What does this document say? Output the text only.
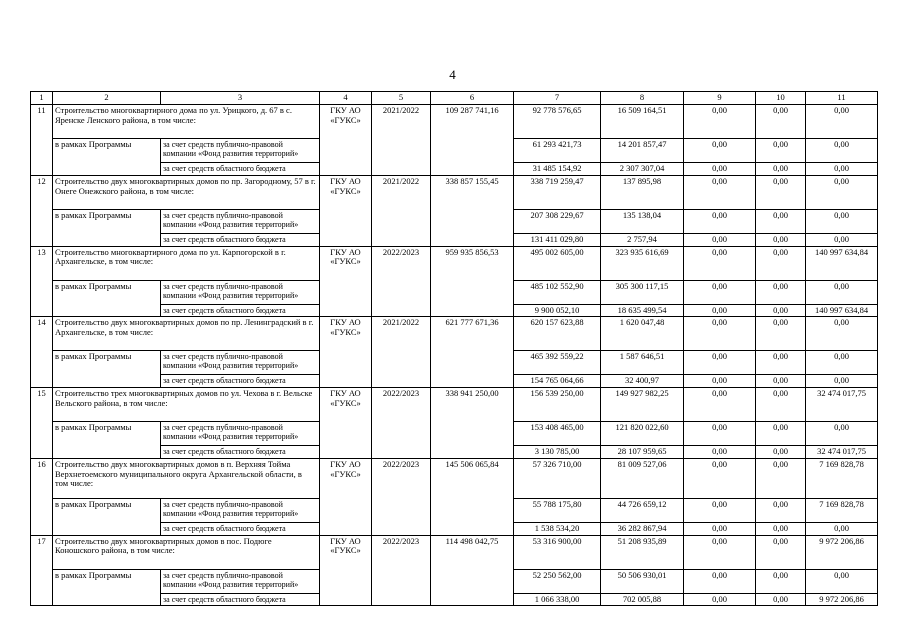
4
1	2	3	4	5	6	7	8	9	10	11
11	Строительство многоквартирного дома по ул. Урицкого, д. 67 в с. Яренске Ленского района, в том числе:		ГКУ АО «ГУКС»	2021/2022	109 287 741,16	92 778 576,65	16 509 164,51	0,00	0,00	0,00
	в рамках Программы	за счет средств публично-правовой компании «Фонд развития территорий»				61 293 421,73	14 201 857,47	0,00	0,00	0,00
		за счет средств областного бюджета				31 485 154,92	2 307 307,04	0,00	0,00	0,00
12	Строительство двух многоквартирных домов по пр. Загородному, 57 в г. Онеге Онежского района, в том числе:		ГКУ АО «ГУКС»	2021/2022	338 857 155,45	338 719 259,47	137 895,98	0,00	0,00	0,00
	в рамках Программы	за счет средств публично-правовой компании «Фонд развития территорий»				207 308 229,67	135 138,04	0,00	0,00	0,00
		за счет средств областного бюджета				131 411 029,80	2 757,94	0,00	0,00	0,00
13	Строительство многоквартирного дома по ул. Карпогорской в г. Архангельске, в том числе:		ГКУ АО «ГУКС»	2022/2023	959 935 856,53	495 002 605,00	323 935 616,69	0,00	0,00	140 997 634,84
	в рамках Программы	за счет средств публично-правовой компании «Фонд развития территорий»				485 102 552,90	305 300 117,15	0,00	0,00	0,00
		за счет средств областного бюджета				9 900 052,10	18 635 499,54	0,00	0,00	140 997 634,84
14	Строительство двух многоквартирных домов по пр. Ленинградский в г. Архангельске, в том числе:		ГКУ АО «ГУКС»	2021/2022	621 777 671,36	620 157 623,88	1 620 047,48	0,00	0,00	0,00
	в рамках Программы	за счет средств публично-правовой компании «Фонд развития территорий»				465 392 559,22	1 587 646,51	0,00	0,00	0,00
		за счет средств областного бюджета				154 765 064,66	32 400,97	0,00	0,00	0,00
15	Строительство трех многоквартирных домов по ул. Чехова в г. Вельске Вельского района, в том числе:		ГКУ АО «ГУКС»	2022/2023	338 941 250,00	156 539 250,00	149 927 982,25	0,00	0,00	32 474 017,75
	в рамках Программы	за счет средств публично-правовой компании «Фонд развития территорий»				153 408 465,00	121 820 022,60	0,00	0,00	0,00
		за счет средств областного бюджета				3 130 785,00	28 107 959,65	0,00	0,00	32 474 017,75
16	Строительство двух многоквартирных домов в п. Верхняя Тойма Верхнетоемского муниципального округа Архангельской области, в том числе:		ГКУ АО «ГУКС»	2022/2023	145 506 065,84	57 326 710,00	81 009 527,06	0,00	0,00	7 169 828,78
	в рамках Программы	за счет средств публично-правовой компании «Фонд развития территорий»				55 788 175,80	44 726 659,12	0,00	0,00	7 169 828,78
		за счет средств областного бюджета				1 538 534,20	36 282 867,94	0,00	0,00	0,00
17	Строительство двух многоквартирных домов в пос. Подюге Коношского района, в том числе:		ГКУ АО «ГУКС»	2022/2023	114 498 042,75	53 316 900,00	51 208 935,89	0,00	0,00	9 972 206,86
	в рамках Программы	за счет средств публично-правовой компании «Фонд развития территорий»				52 250 562,00	50 506 930,01	0,00	0,00	0,00
		за счет средств областного бюджета				1 066 338,00	702 005,88	0,00	0,00	9 972 206,86
